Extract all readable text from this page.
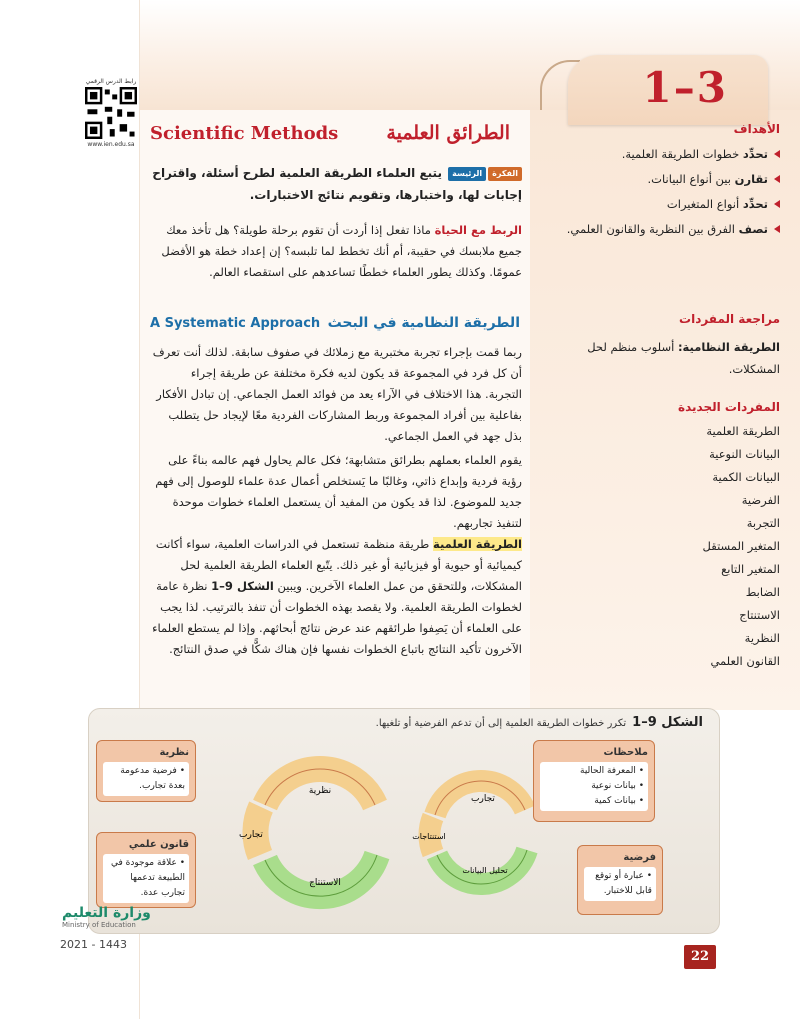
1–3
رابط الدرس الرقمي
www.ien.edu.sa
الطرائق العلمية
Scientific Methods
الفكرةالرئيسة يتبع العلماء الطريقة العلمية لطرح أسئلة، واقتراح إجابات لها، واختبارها، وتقويم نتائج الاختبارات.
الربط مع الحياة ماذا تفعل إذا أردت أن تقوم برحلة طويلة؟ هل تأخذ معك جميع ملابسك في حقيبة، أم أنك تخطط لما تلبسه؟ إن إعداد خطة هو الأفضل عمومًا. وكذلك يطور العلماء خططًا تساعدهم على استقصاء العالم.
الطريقة النظامية في البحث
A Systematic Approach
ربما قمت بإجراء تجربة مختبرية مع زملائك في صفوف سابقة. لذلك أنت تعرف أن كل فرد في المجموعة قد يكون لديه فكرة مختلفة عن طريقة إجراء التجربة. هذا الاختلاف في الآراء يعد من فوائد العمل الجماعي. إن تبادل الأفكار بفاعلية بين أفراد المجموعة وربط المشاركات الفردية معًا لإيجاد حل يتطلب بذل جهد في العمل الجماعي.
يقوم العلماء بعملهم بطرائق متشابهة؛ فكل عالم يحاول فهم عالمه بناءً على رؤية فردية وإبداع ذاتي، وغالبًا ما يَستخلص أعمال عدة علماء للوصول إلى فهم جديد للموضوع. لذا قد يكون من المفيد أن يستعمل العلماء خطوات موحدة لتنفيذ تجاربهم.
الطريقة العلمية طريقة منظمة تستعمل في الدراسات العلمية، سواء أكانت كيميائية أو حيوية أو فيزيائية أو غير ذلك. يتّبع العلماء الطريقة العلمية لحل المشكلات، وللتحقق من عمل العلماء الآخرين. ويبين الشكل 9–1 نظرة عامة لخطوات الطريقة العلمية. ولا يقصد بهذه الخطوات أن تنفذ بالترتيب. لذا يجب على العلماء أن يَصِفوا طرائقهم عند عرض نتائج أبحاثهم. وإذا لم يستطع العلماء الآخرون تأكيد النتائج باتباع الخطوات نفسها فإن هناك شكًّا في صدق النتائج.
الأهداف
تحدِّد خطوات الطريقة العلمية.
تقارن بين أنواع البيانات.
تحدِّد أنواع المتغيرات
تصف الفرق بين النظرية والقانون العلمي.
مراجعة المفردات
الطريقة النظامية: أسلوب منظم لحل المشكلات.
المفردات الجديدة
الطريقة العلمية
البيانات النوعية
البيانات الكمية
الفرضية
التجربة
المتغير المستقل
المتغير التابع
الضابط
الاستنتاج
النظرية
القانون العلمي
الشكل 9–1تكرر خطوات الطريقة العلمية إلى أن تدعم الفرضية أو تلغيها.
نظرية
تجارب
الاستنتاج
تجارب
استنتاجات
تحليل البيانات
ملاحظات
• المعرفة الحالية
• بيانات نوعية
• بيانات كمية
فرضية
• عبارة أو توقع قابل للاختبار.
نظرية
• فرضية مدعومة بعدة تجارب.
قانون علمي
• علاقة موجودة في الطبيعة تدعمها تجارب عدة.
وزارة التعليم
Ministry of Education
2021 - 1443
22
